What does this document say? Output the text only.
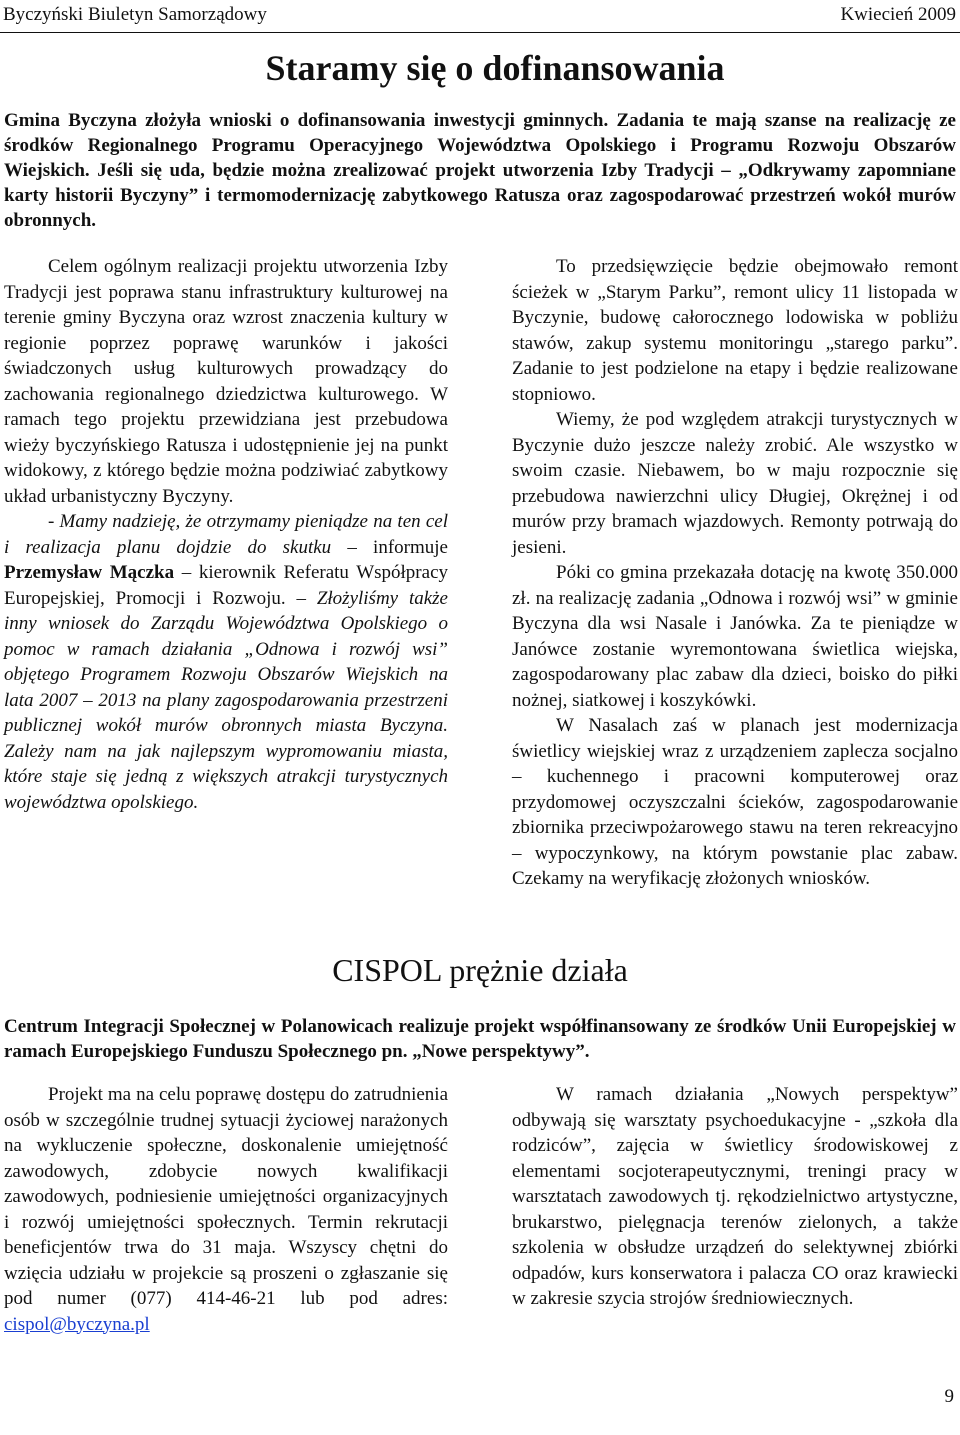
Byczyński Biuletyn Samorządowy	Kwiecień 2009
Staramy się o dofinansowania
Gmina Byczyna złożyła wnioski o dofinansowania inwestycji gminnych. Zadania te mają szanse na realizację ze środków Regionalnego Programu Operacyjnego Województwa Opolskiego i Programu Rozwoju Obszarów Wiejskich. Jeśli się uda, będzie można zrealizować projekt utworzenia Izby Tradycji – „Odkrywamy zapomniane karty historii Byczyny” i termomodernizację zabytkowego Ratusza oraz zagospodarować przestrzeń wokół murów obronnych.

Celem ogólnym realizacji projektu utworzenia Izby Tradycji jest poprawa stanu infrastruktury kulturowej na terenie gminy Byczyna oraz wzrost znaczenia kultury w regionie poprzez poprawę warunków i jakości świadczonych usług kulturowych prowadzący do zachowania regionalnego dziedzictwa kulturowego. W ramach tego projektu przewidziana jest przebudowa wieży byczyńskiego Ratusza i udostępnienie jej na punkt widokowy, z którego będzie można podziwiać zabytkowy układ urbanistyczny Byczyny.

- Mamy nadzieję, że otrzymamy pieniądze na ten cel i realizacja planu dojdzie do skutku – informuje Przemysław Mączka – kierownik Referatu Współpracy Europejskiej, Promocji i Rozwoju. – Złożyliśmy także inny wniosek do Zarządu Województwa Opolskiego o pomoc w ramach działania „Odnowa i rozwój wsi” objętego Programem Rozwoju Obszarów Wiejskich na lata 2007 – 2013 na plany zagospodarowania przestrzeni publicznej wokół murów obronnych miasta Byczyna. Zależy nam na jak najlepszym wypromowaniu miasta, które staje się jedną z większych atrakcji turystycznych województwa opolskiego.

To przedsięwzięcie będzie obejmowało remont ścieżek w „Starym Parku”, remont ulicy 11 listopada w Byczynie, budowę całorocznego lodowiska w pobliżu stawów, zakup systemu monitoringu „starego parku”. Zadanie to jest podzielone na etapy i będzie realizowane stopniowo.

Wiemy, że pod względem atrakcji turystycznych w Byczynie dużo jeszcze należy zrobić. Ale wszystko w swoim czasie. Niebawem, bo w maju rozpocznie się przebudowa nawierzchni ulicy Długiej, Okrężnej i od murów przy bramach wjazdowych. Remonty potrwają do jesieni.

Póki co gmina przekazała dotację na kwotę 350.000 zł. na realizację zadania „Odnowa i rozwój wsi” w gminie Byczyna dla wsi Nasale i Janówka. Za te pieniądze w Janówce zostanie wyremontowana świetlica wiejska, zagospodarowany plac zabaw dla dzieci, boisko do piłki nożnej, siatkowej i koszykówki.

W Nasalach zaś w planach jest modernizacja świetlicy wiejskiej wraz z urządzeniem zaplecza socjalno – kuchennego i pracowni komputerowej oraz przydomowej oczyszczalni ścieków, zagospodarowanie zbiornika przeciwpożarowego stawu na teren rekreacyjno – wypoczynkowy, na którym powstanie plac zabaw. Czekamy na weryfikację złożonych wniosków.

CISPOL prężnie działa
Centrum Integracji Społecznej w Polanowicach realizuje projekt współfinansowany ze środków Unii Europejskiej w ramach Europejskiego Funduszu Społecznego pn. „Nowe perspektywy”.

Projekt ma na celu poprawę dostępu do zatrudnienia osób w szczególnie trudnej sytuacji życiowej narażonych na wykluczenie społeczne, doskonalenie umiejętność zawodowych, zdobycie nowych kwalifikacji zawodowych, podniesienie umiejętności organizacyjnych i rozwój umiejętności społecznych. Termin rekrutacji beneficjentów trwa do 31 maja. Wszyscy chętni do wzięcia udziału w projekcie są proszeni o zgłaszanie się pod numer (077) 414-46-21 lub pod adres: cispol@byczyna.pl

W ramach działania „Nowych perspektyw” odbywają się warsztaty psychoedukacyjne - „szkoła dla rodziców”, zajęcia w świetlicy środowiskowej z elementami socjoterapeutycznymi, treningi pracy w warsztatach zawodowych tj. rękodzielnictwo artystyczne, brukarstwo, pielęgnacja terenów zielonych, a także szkolenia w obsłudze urządzeń do selektywnej zbiórki odpadów, kurs konserwatora i palacza CO oraz krawiecki w zakresie szycia strojów średniowiecznych.

9
